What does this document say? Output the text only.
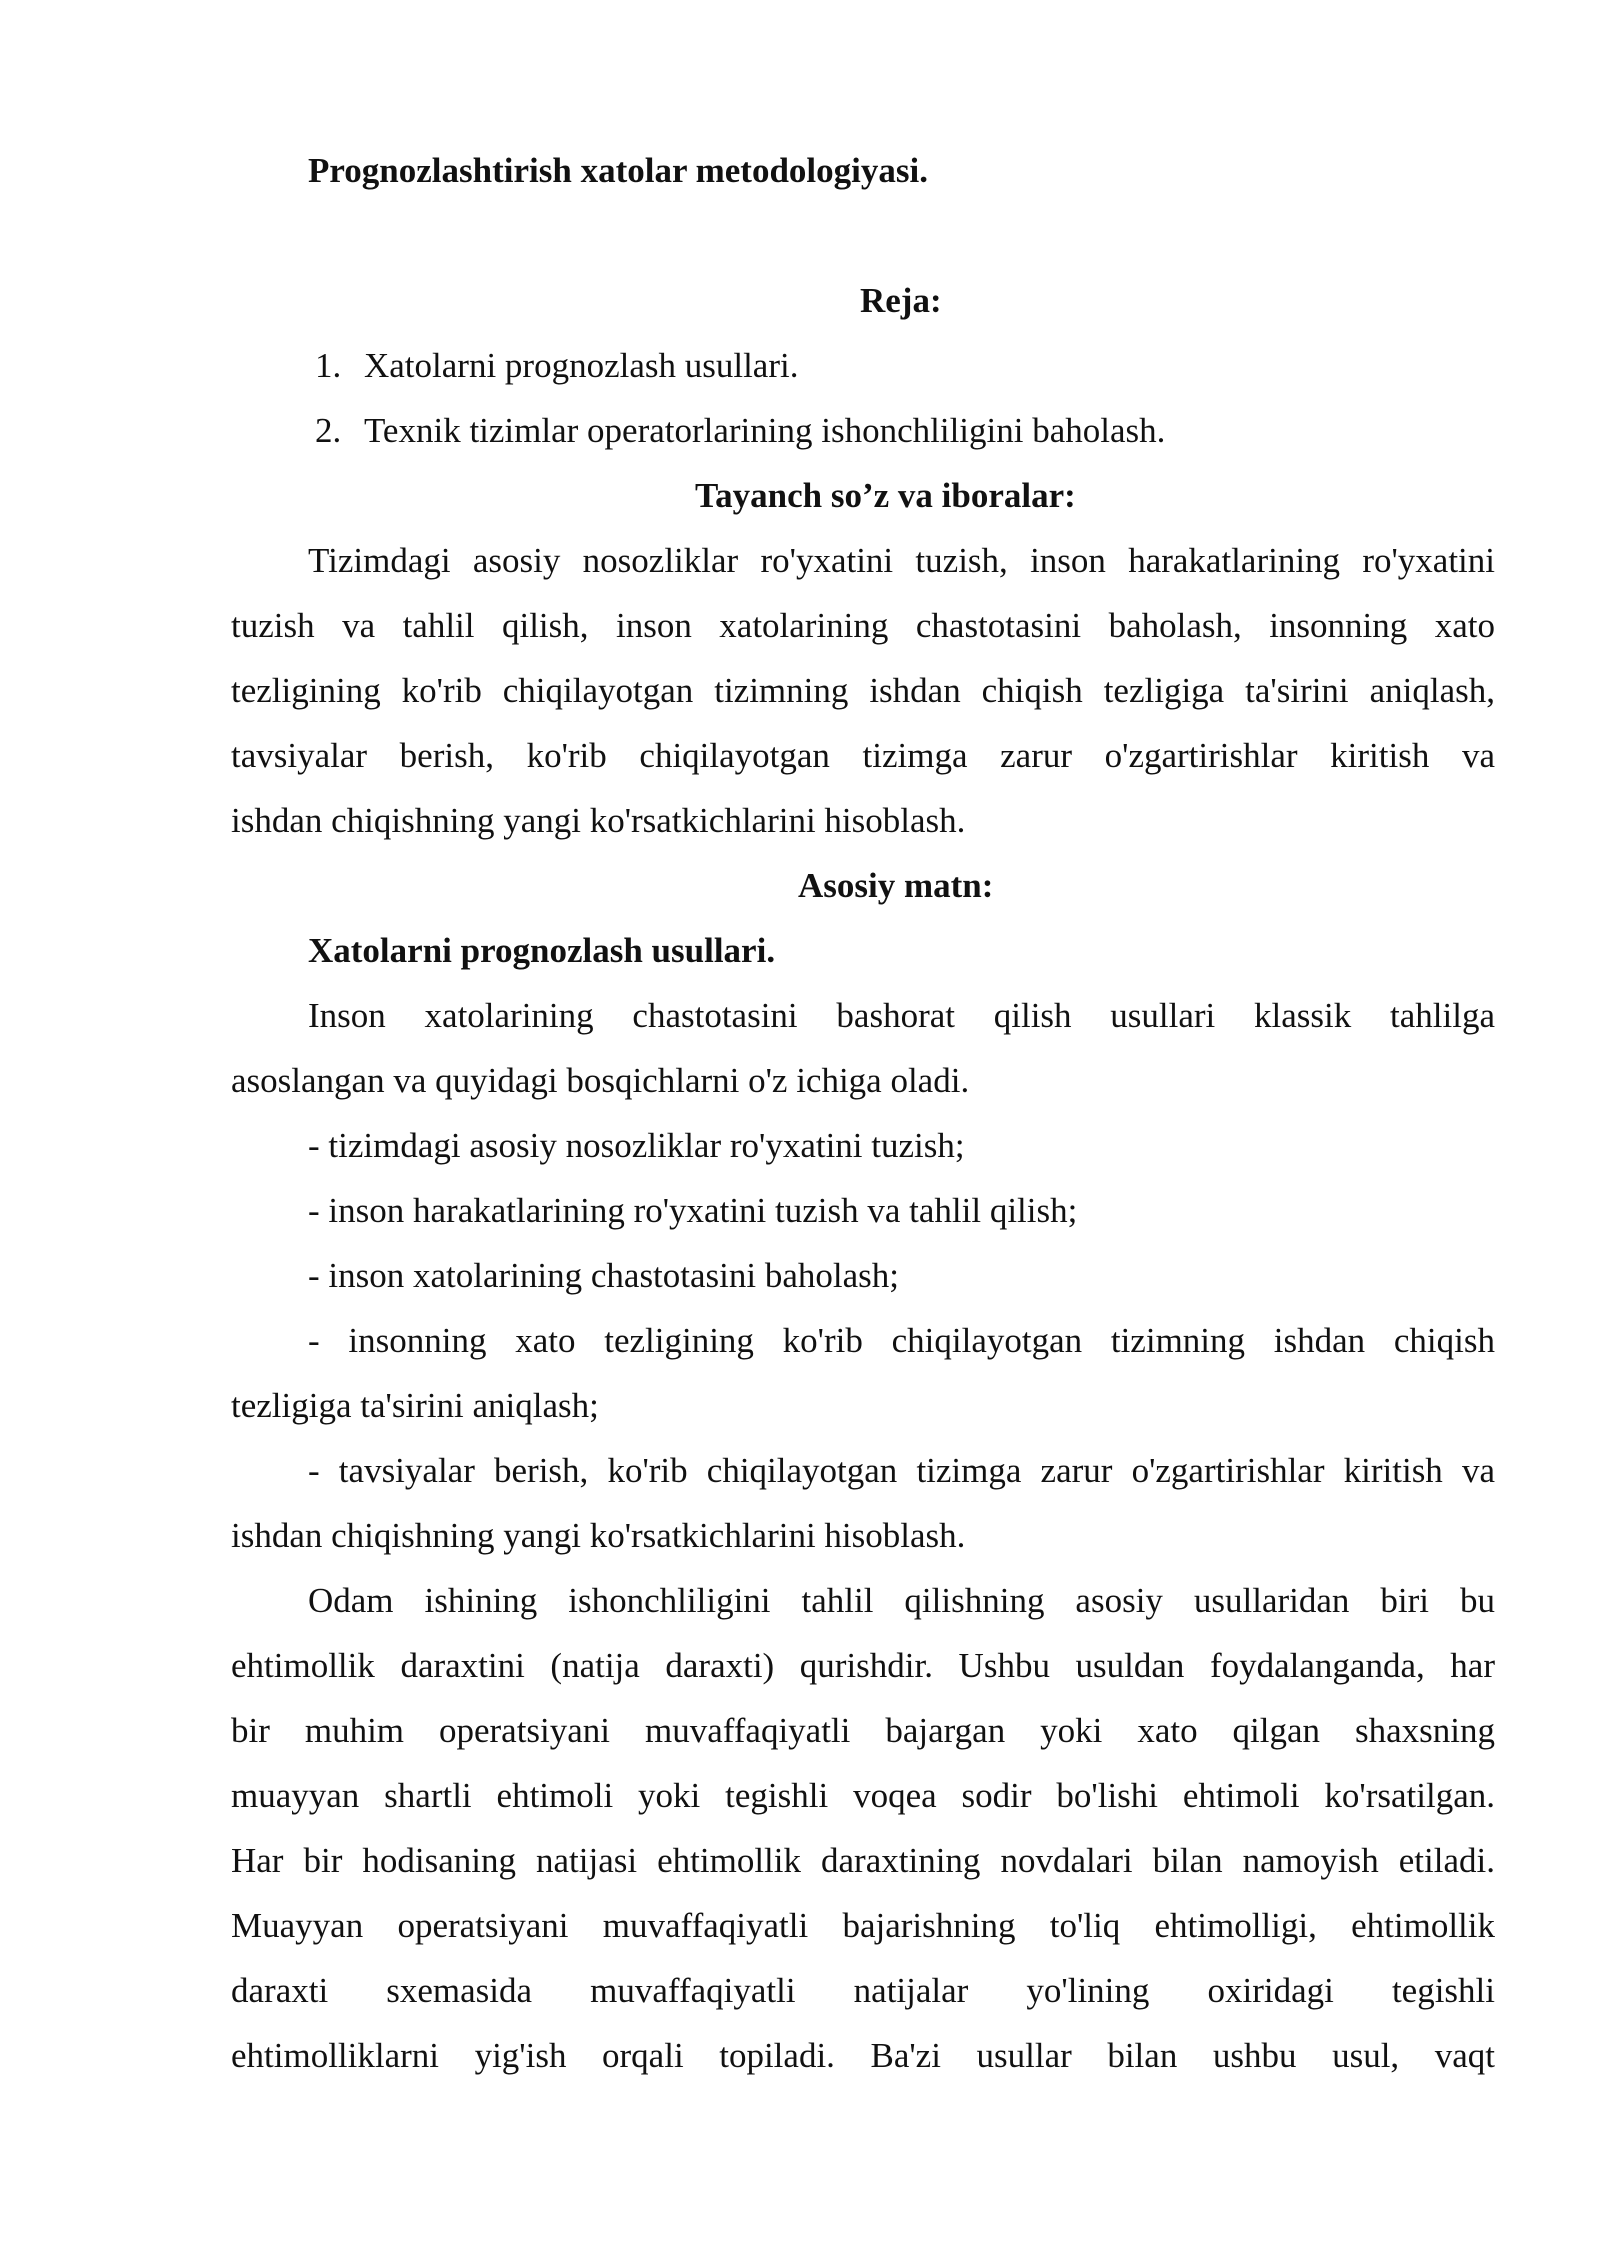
Prognozlashtirish xatolar metodologiyasi.
Reja:
1. Xatolarni prognozlash usullari.
2. Texnik tizimlar operatorlarining ishonchliligini baholash.
Tayanch so’z va iboralar:
Tizimdagi asosiy nosozliklar ro'yxatini tuzish, inson harakatlarining ro'yxatini
tuzish va tahlil qilish, inson xatolarining chastotasini baholash, insonning xato
tezligining ko'rib chiqilayotgan tizimning ishdan chiqish tezligiga ta'sirini aniqlash,
tavsiyalar berish, ko'rib chiqilayotgan tizimga zarur o'zgartirishlar kiritish va
ishdan chiqishning yangi ko'rsatkichlarini hisoblash.
Asosiy matn:
Xatolarni prognozlash usullari.
Inson xatolarining chastotasini bashorat qilish usullari klassik tahlilga
asoslangan va quyidagi bosqichlarni o'z ichiga oladi.
- tizimdagi asosiy nosozliklar ro'yxatini tuzish;
- inson harakatlarining ro'yxatini tuzish va tahlil qilish;
- inson xatolarining chastotasini baholash;
- insonning xato tezligining ko'rib chiqilayotgan tizimning ishdan chiqish
tezligiga ta'sirini aniqlash;
- tavsiyalar berish, ko'rib chiqilayotgan tizimga zarur o'zgartirishlar kiritish va
ishdan chiqishning yangi ko'rsatkichlarini hisoblash.
Odam ishining ishonchliligini tahlil qilishning asosiy usullaridan biri bu
ehtimollik daraxtini (natija daraxti) qurishdir. Ushbu usuldan foydalanganda, har
bir muhim operatsiyani muvaffaqiyatli bajargan yoki xato qilgan shaxsning
muayyan shartli ehtimoli yoki tegishli voqea sodir bo'lishi ehtimoli ko'rsatilgan.
Har bir hodisaning natijasi ehtimollik daraxtining novdalari bilan namoyish etiladi.
Muayyan operatsiyani muvaffaqiyatli bajarishning to'liq ehtimolligi, ehtimollik
daraxti sxemasida muvaffaqiyatli natijalar yo'lining oxiridagi tegishli
ehtimolliklarni yig'ish orqali topiladi. Ba'zi usullar bilan ushbu usul, vaqt
